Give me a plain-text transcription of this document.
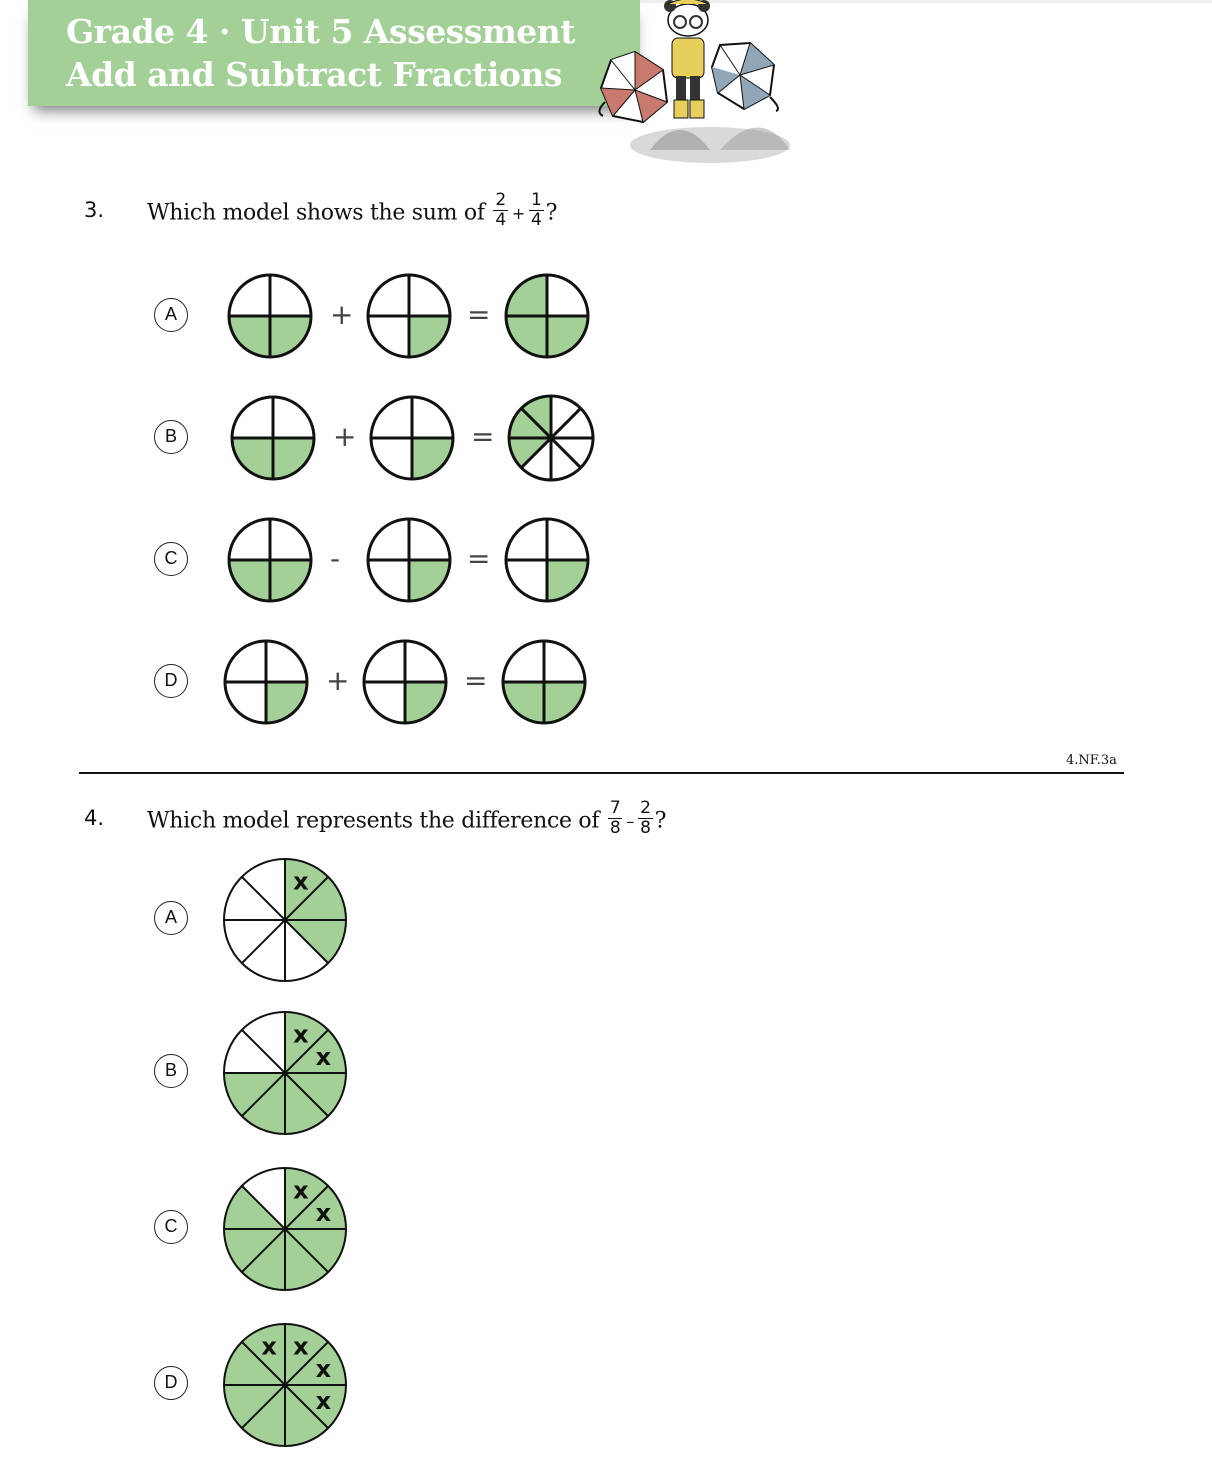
Grade 4 · Unit 5 Assessment
Add and Subtract Fractions
3. Which model shows the sum of $\frac{2}{4} + \frac{1}{4}$ ?
A	+	=
B	+	=
C	-	=
D	+	=
4.NF.3a
4. Which model represents the difference of $\frac{7}{8} - \frac{2}{8}$ ?
A
x
B
x
x
C
x
x
D
x x
x
x
